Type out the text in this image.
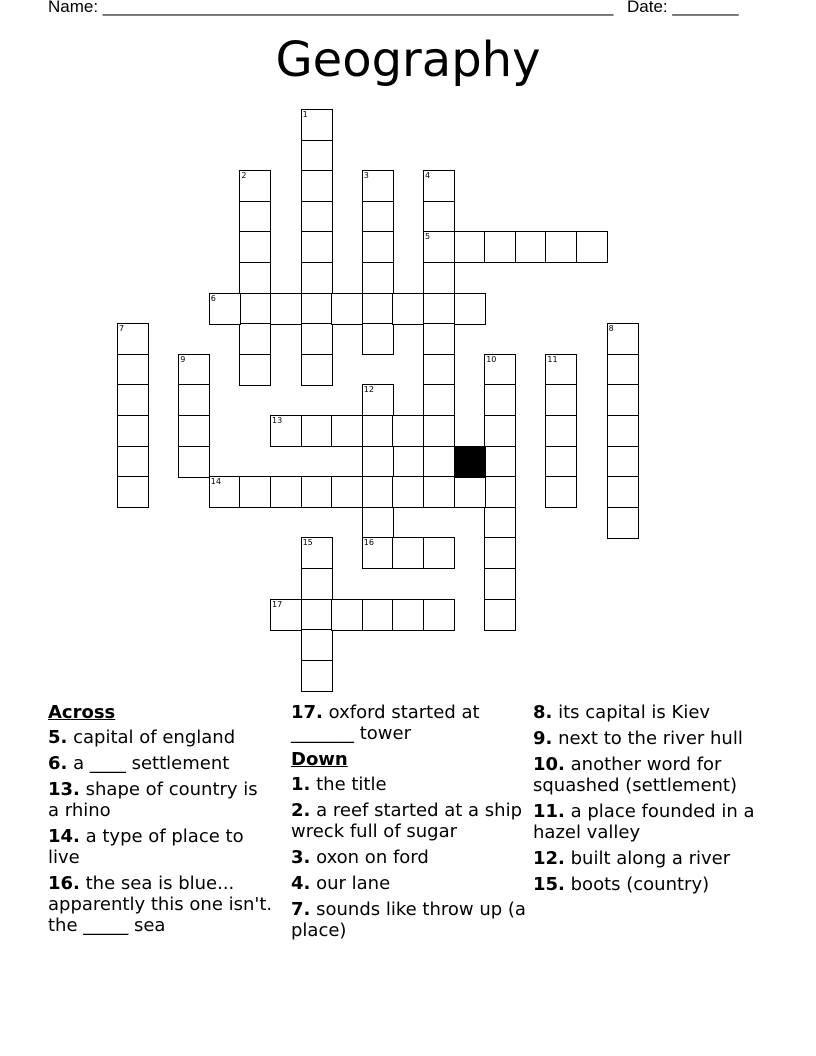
Name: ______________________________________________________ Date: _______
Geography
1
2	3	4
5
6
7	8
9	10	11
12
16
13
14
15
17
Across
5. capital of england
6. a ____ settlement
13. shape of country is a rhino
14. a type of place to live
16. the sea is blue... apparently this one isn't. the _____ sea
17. oxford started at _______ tower
Down
1. the title
2. a reef started at a ship wreck full of sugar
3. oxon on ford
4. our lane
7. sounds like throw up (a place)
8. its capital is Kiev
9. next to the river hull
10. another word for squashed (settlement)
11. a place founded in a hazel valley
12. built along a river
15. boots (country)
